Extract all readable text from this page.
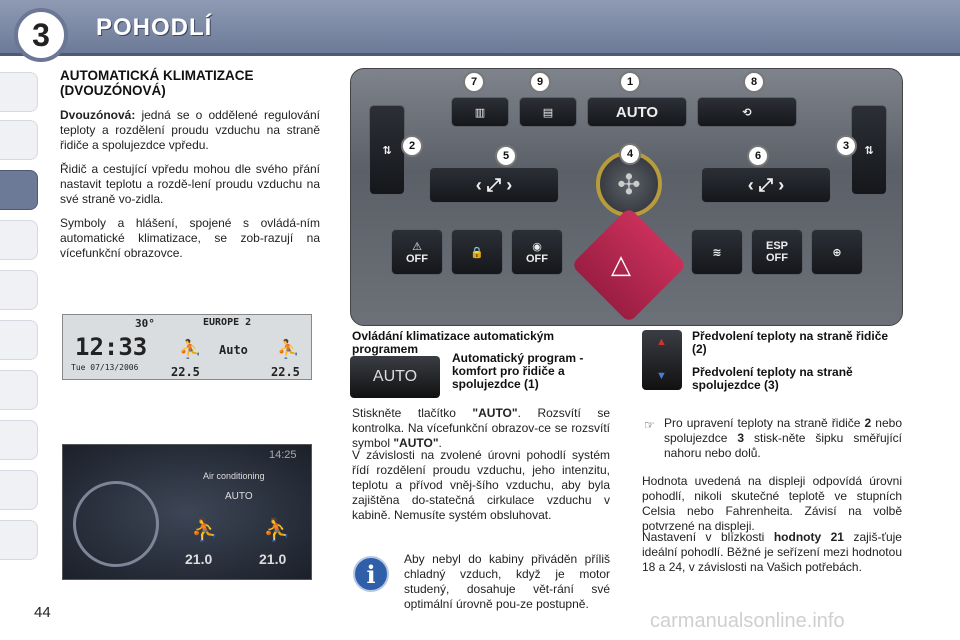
POHODLÍ
3
AUTOMATICKÁ KLIMATIZACE (DVOUZÓNOVÁ)
Dvouzónová: jedná se o oddělené regulování teploty a rozdělení proudu vzduchu na straně řidiče a spolujezdce vpředu.
Řidič a cestující vpředu mohou dle svého přání nastavit teplotu a rozdě-lení proudu vzduchu na své straně vo-zidla.
Symboly a hlášení, spojené s ovládá-ním automatické klimatizace, se zob-razují na vícefunkční obrazovce.
30°	EUROPE 2
12:33
Tue 07/13/2006
⛹ Auto ⛹
22.5	22.5
14:25
Air conditioning
AUTO
⛹ ⛹
21.0	21.0
▥	▤	AUTO	⟲
⇅	⇅
‹ ⤢ ›	‹ ⤢ ›
✣
△
⚠
OFF	🔒	◉
OFF	≋
ESP
OFF	⊕
7	9	1	8
2
5	4	6
3
Ovládání klimatizace automatickým programem
AUTO
Automatický program - komfort pro řidiče a spolujezdce (1)
Stiskněte tlačítko "AUTO". Rozsvítí se kontrolka. Na vícefunkční obrazov-ce se rozsvítí symbol "AUTO".
V závislosti na zvolené úrovni pohodlí systém řídí rozdělení proudu vzduchu, jeho intenzitu, teplotu a přívod vněj-šího vzduchu, aby byla zajištěna do-statečná cirkulace vzduchu v kabině. Nemusíte systém obsluhovat.
i
Aby nebyl do kabiny přiváděn příliš chladný vzduch, když je motor studený, dosahuje vět-rání své optimální úrovně pou-ze postupně.
▲
▼
Předvolení teploty na straně řidiče (2)
Předvolení teploty na straně spolujezdce (3)
☞ Pro upravení teploty na straně řidiče 2 nebo spolujezdce 3 stisk-něte šipku směřující nahoru nebo dolů.
Hodnota uvedená na displeji odpovídá úrovni pohodlí, nikoli skutečné teplotě ve stupních Celsia nebo Fahrenheita. Závisí na volbě potvrzené na displeji.
Nastavení v blízkosti hodnoty 21 zajiš-ťuje ideální pohodlí. Běžné je seřízení mezi hodnotou 18 a 24, v závislosti na Vašich potřebách.
44	carmanualsonline.info
